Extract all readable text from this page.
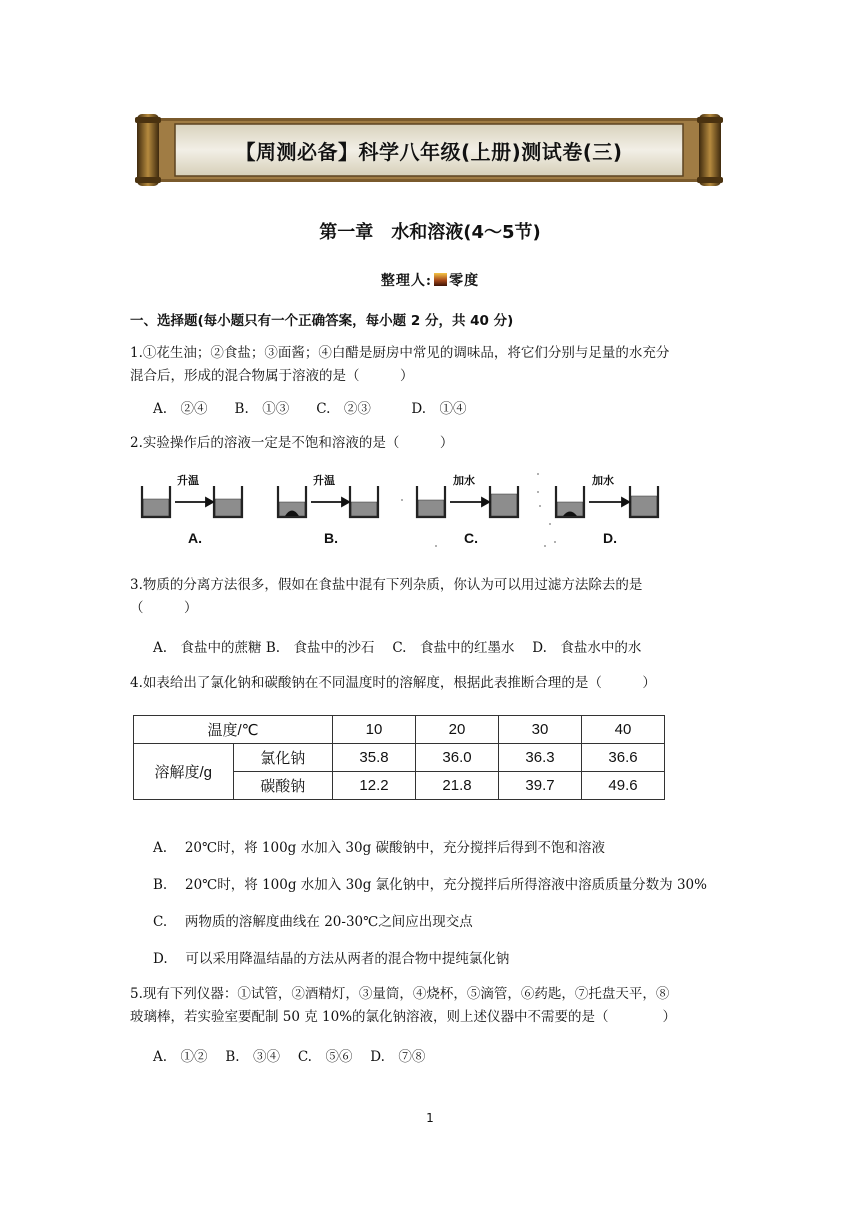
【周测必备】科学八年级(上册)测试卷(三)
第一章　水和溶液(4～5节)
整理人: 零度
一、选择题(每小题只有一个正确答案，每小题 2 分，共 40 分)
1.①花生油；②食盐；③面酱；④白醋是厨房中常见的调味品，将它们分别与足量的水充分
混合后，形成的混合物属于溶液的是（　　　）
A.　②④　　B.　①③　　C.　②③　　　D.　①④
2.实验操作后的溶液一定是不饱和溶液的是（　　　）
升温	升温	加水	加水
A.	B.	C.	D.
3.物质的分离方法很多，假如在食盐中混有下列杂质，你认为可以用过滤方法除去的是
（　　　）
A.　食盐中的蔗糖 B.　食盐中的沙石　 C.　食盐中的红墨水　 D.　食盐水中的水
4.如表给出了氯化钠和碳酸钠在不同温度时的溶解度，根据此表推断合理的是（　　　）
温度/℃		10	20	30	40
溶解度/g	氯化钠	35.8	36.0	36.3	36.6
	碳酸钠	12.2	21.8	39.7	49.6
A.　 20℃时，将 100g 水加入 30g 碳酸钠中，充分搅拌后得到不饱和溶液
B.　 20℃时，将 100g 水加入 30g 氯化钠中，充分搅拌后所得溶液中溶质质量分数为 30%
C.　 两物质的溶解度曲线在 20-30℃之间应出现交点
D.　 可以采用降温结晶的方法从两者的混合物中提纯氯化钠
5.现有下列仪器：①试管，②酒精灯，③量筒，④烧杯，⑤滴管，⑥药匙，⑦托盘天平，⑧
玻璃棒，若实验室要配制 50 克 10%的氯化钠溶液，则上述仪器中不需要的是（　　　　）
A.　①②　 B.　③④　 C.　⑤⑥　 D.　⑦⑧
1
